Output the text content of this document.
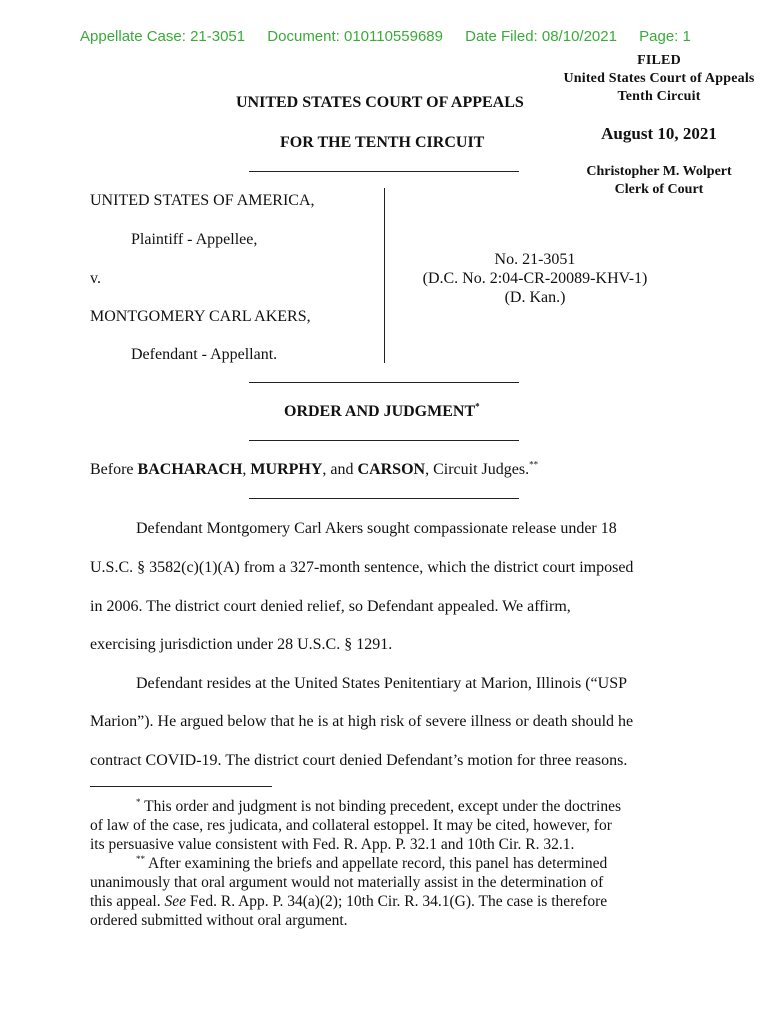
Appellate Case: 21-3051 Document: 010110559689 Date Filed: 08/10/2021 Page: 1
FILED
United States Court of Appeals
Tenth Circuit
August 10, 2021
Christopher M. Wolpert
Clerk of Court
UNITED STATES COURT OF APPEALS
FOR THE TENTH CIRCUIT
UNITED STATES OF AMERICA,
Plaintiff - Appellee,
v.
MONTGOMERY CARL AKERS,
Defendant - Appellant.
No. 21-3051
(D.C. No. 2:04-CR-20089-KHV-1)
(D. Kan.)
ORDER AND JUDGMENT*
Before BACHARACH, MURPHY, and CARSON, Circuit Judges.**
Defendant Montgomery Carl Akers sought compassionate release under 18
U.S.C. § 3582(c)(1)(A) from a 327-month sentence, which the district court imposed
in 2006. The district court denied relief, so Defendant appealed. We affirm,
exercising jurisdiction under 28 U.S.C. § 1291.
Defendant resides at the United States Penitentiary at Marion, Illinois (“USP
Marion”). He argued below that he is at high risk of severe illness or death should he
contract COVID-19. The district court denied Defendant’s motion for three reasons.
* This order and judgment is not binding precedent, except under the doctrines
of law of the case, res judicata, and collateral estoppel. It may be cited, however, for
its persuasive value consistent with Fed. R. App. P. 32.1 and 10th Cir. R. 32.1.
** After examining the briefs and appellate record, this panel has determined
unanimously that oral argument would not materially assist in the determination of
this appeal. See Fed. R. App. P. 34(a)(2); 10th Cir. R. 34.1(G). The case is therefore
ordered submitted without oral argument.
